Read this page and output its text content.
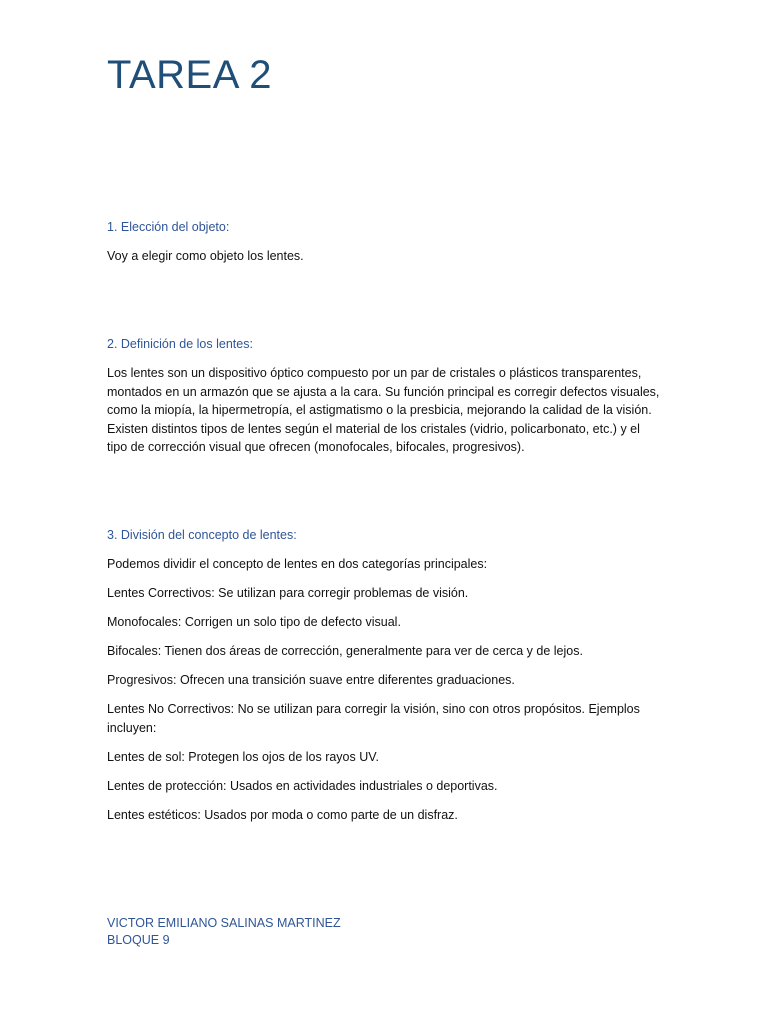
TAREA 2

1. Elección del objeto:

Voy a elegir como objeto los lentes.

2. Definición de los lentes:

Los lentes son un dispositivo óptico compuesto por un par de cristales o plásticos transparentes, montados en un armazón que se ajusta a la cara. Su función principal es corregir defectos visuales, como la miopía, la hipermetropía, el astigmatismo o la presbicia, mejorando la calidad de la visión. Existen distintos tipos de lentes según el material de los cristales (vidrio, policarbonato, etc.) y el tipo de corrección visual que ofrecen (monofocales, bifocales, progresivos).

3. División del concepto de lentes:

Podemos dividir el concepto de lentes en dos categorías principales:

Lentes Correctivos: Se utilizan para corregir problemas de visión.

Monofocales: Corrigen un solo tipo de defecto visual.

Bifocales: Tienen dos áreas de corrección, generalmente para ver de cerca y de lejos.

Progresivos: Ofrecen una transición suave entre diferentes graduaciones.

Lentes No Correctivos: No se utilizan para corregir la visión, sino con otros propósitos. Ejemplos incluyen:

Lentes de sol: Protegen los ojos de los rayos UV.

Lentes de protección: Usados en actividades industriales o deportivas.

Lentes estéticos: Usados por moda o como parte de un disfraz.

VICTOR EMILIANO SALINAS MARTINEZ

BLOQUE 9
